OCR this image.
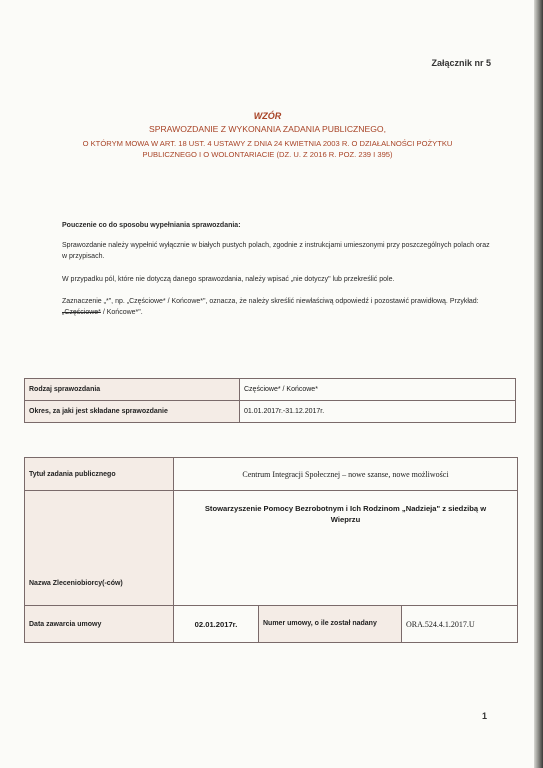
Załącznik nr 5
WZÓR
SPRAWOZDANIE Z WYKONANIA ZADANIA PUBLICZNEGO,
O KTÓRYM MOWA W ART. 18 UST. 4 USTAWY Z DNIA 24 KWIETNIA 2003 R. O DZIAŁALNOŚCI POŻYTKU
PUBLICZNEGO I O WOLONTARIACIE (DZ. U. Z 2016 R. POZ. 239 I 395)
Pouczenie co do sposobu wypełniania sprawozdania:
Sprawozdanie należy wypełnić wyłącznie w białych pustych polach, zgodnie z instrukcjami umieszonymi przy poszczególnych polach oraz w przypisach.
W przypadku pól, które nie dotyczą danego sprawozdania, należy wpisać „nie dotyczy" lub przekreślić pole.
Zaznaczenie „*", np. „Częściowe* / Końcowe*", oznacza, że należy skreślić niewłaściwą odpowiedź i pozostawić prawidłową. Przykład: „Częściowe* / Końcowe*".
Rodzaj sprawozdania	Częściowe* / Końcowe*
Okres, za jaki jest składane sprawozdanie	01.01.2017r.-31.12.2017r.
Tytuł zadania publicznego	Centrum Integracji Społecznej – nowe szanse, nowe możliwości		
Nazwa Zleceniobiorcy(-ców)	Stowarzyszenie Pomocy Bezrobotnym i Ich Rodzinom „Nadzieja" z siedzibą w Wieprzu		
Data zawarcia umowy	02.01.2017r.	Numer umowy, o ile został nadany	ORA.524.4.1.2017.U
1
